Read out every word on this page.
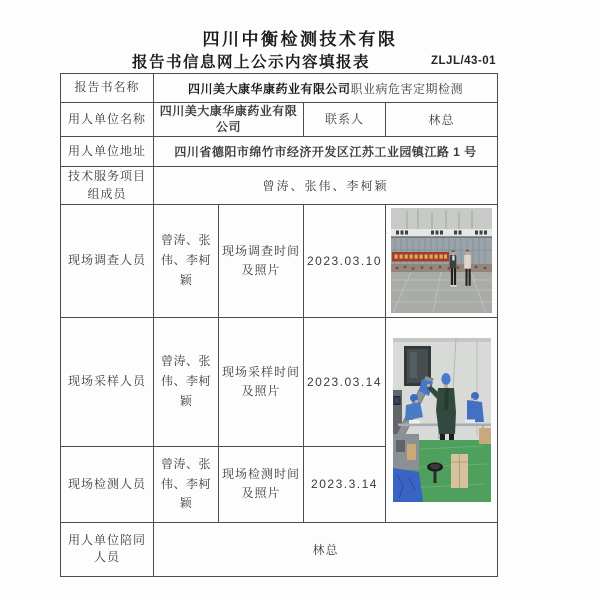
四川中衡检测技术有限
报告书信息网上公示内容填报表	ZLJL/43-01
报告书名称	四川美大康华康药业有限公司职业病危害定期检测			
用人单位名称	四川美大康华康药业有限公司		联系人	林总
用人单位地址	四川省德阳市绵竹市经济开发区江苏工业园镇江路 1 号			
技术服务项目组成员	曾涛、张伟、李柯颖			
现场调查人员	曾涛、张伟、李柯颖	现场调查时间及照片	2023.03.10	

现场采样人员	曾涛、张伟、李柯颖	现场采样时间及照片	2023.03.14	

现场检测人员	曾涛、张伟、李柯颖	现场检测时间及照片	2023.3.14	
用人单位陪同人员	林总			
